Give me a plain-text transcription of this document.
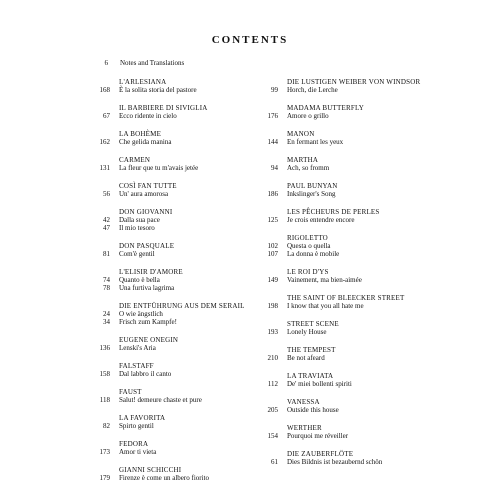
CONTENTS
6 Notes and Translations
L'ARLESIANA
168 È la solita storia del pastore
IL BARBIERE DI SIVIGLIA
67 Ecco ridente in cielo
LA BOHÈME
162 Che gelida manina
CARMEN
131 La fleur que tu m'avais jetée
COSÌ FAN TUTTE
56 Un' aura amorosa
DON GIOVANNI
42 Dalla sua pace
47 Il mio tesoro
DON PASQUALE
81 Com'è gentil
L'ELISIR D'AMORE
74 Quanto è bella
78 Una furtiva lagrima
DIE ENTFÜHRUNG AUS DEM SERAIL
24 O wie ängstlich
34 Frisch zum Kampfe!
EUGENE ONEGIN
136 Lenski's Aria
FALSTAFF
158 Dal labbro il canto
FAUST
118 Salut! demeure chaste et pure
LA FAVORITA
82 Spirto gentil
FEDORA
173 Amor ti vieta
GIANNI SCHICCHI
179 Firenze è come un albero fiorito
DIE LUSTIGEN WEIBER VON WINDSOR
99 Horch, die Lerche
MADAMA BUTTERFLY
176 Amore o grillo
MANON
144 En fermant les yeux
MARTHA
94 Ach, so fromm
PAUL BUNYAN
186 Inkslinger's Song
LES PÊCHEURS DE PERLES
125 Je crois entendre encore
RIGOLETTO
102 Questa o quella
107 La donna è mobile
LE ROI D'YS
149 Vainement, ma bien-aimée
THE SAINT OF BLEECKER STREET
198 I know that you all hate me
STREET SCENE
193 Lonely House
THE TEMPEST
210 Be not afeard
LA TRAVIATA
112 De' miei bollenti spiriti
VANESSA
205 Outside this house
WERTHER
154 Pourquoi me réveiller
DIE ZAUBERFLÖTE
61 Dies Bildnis ist bezaubernd schön
